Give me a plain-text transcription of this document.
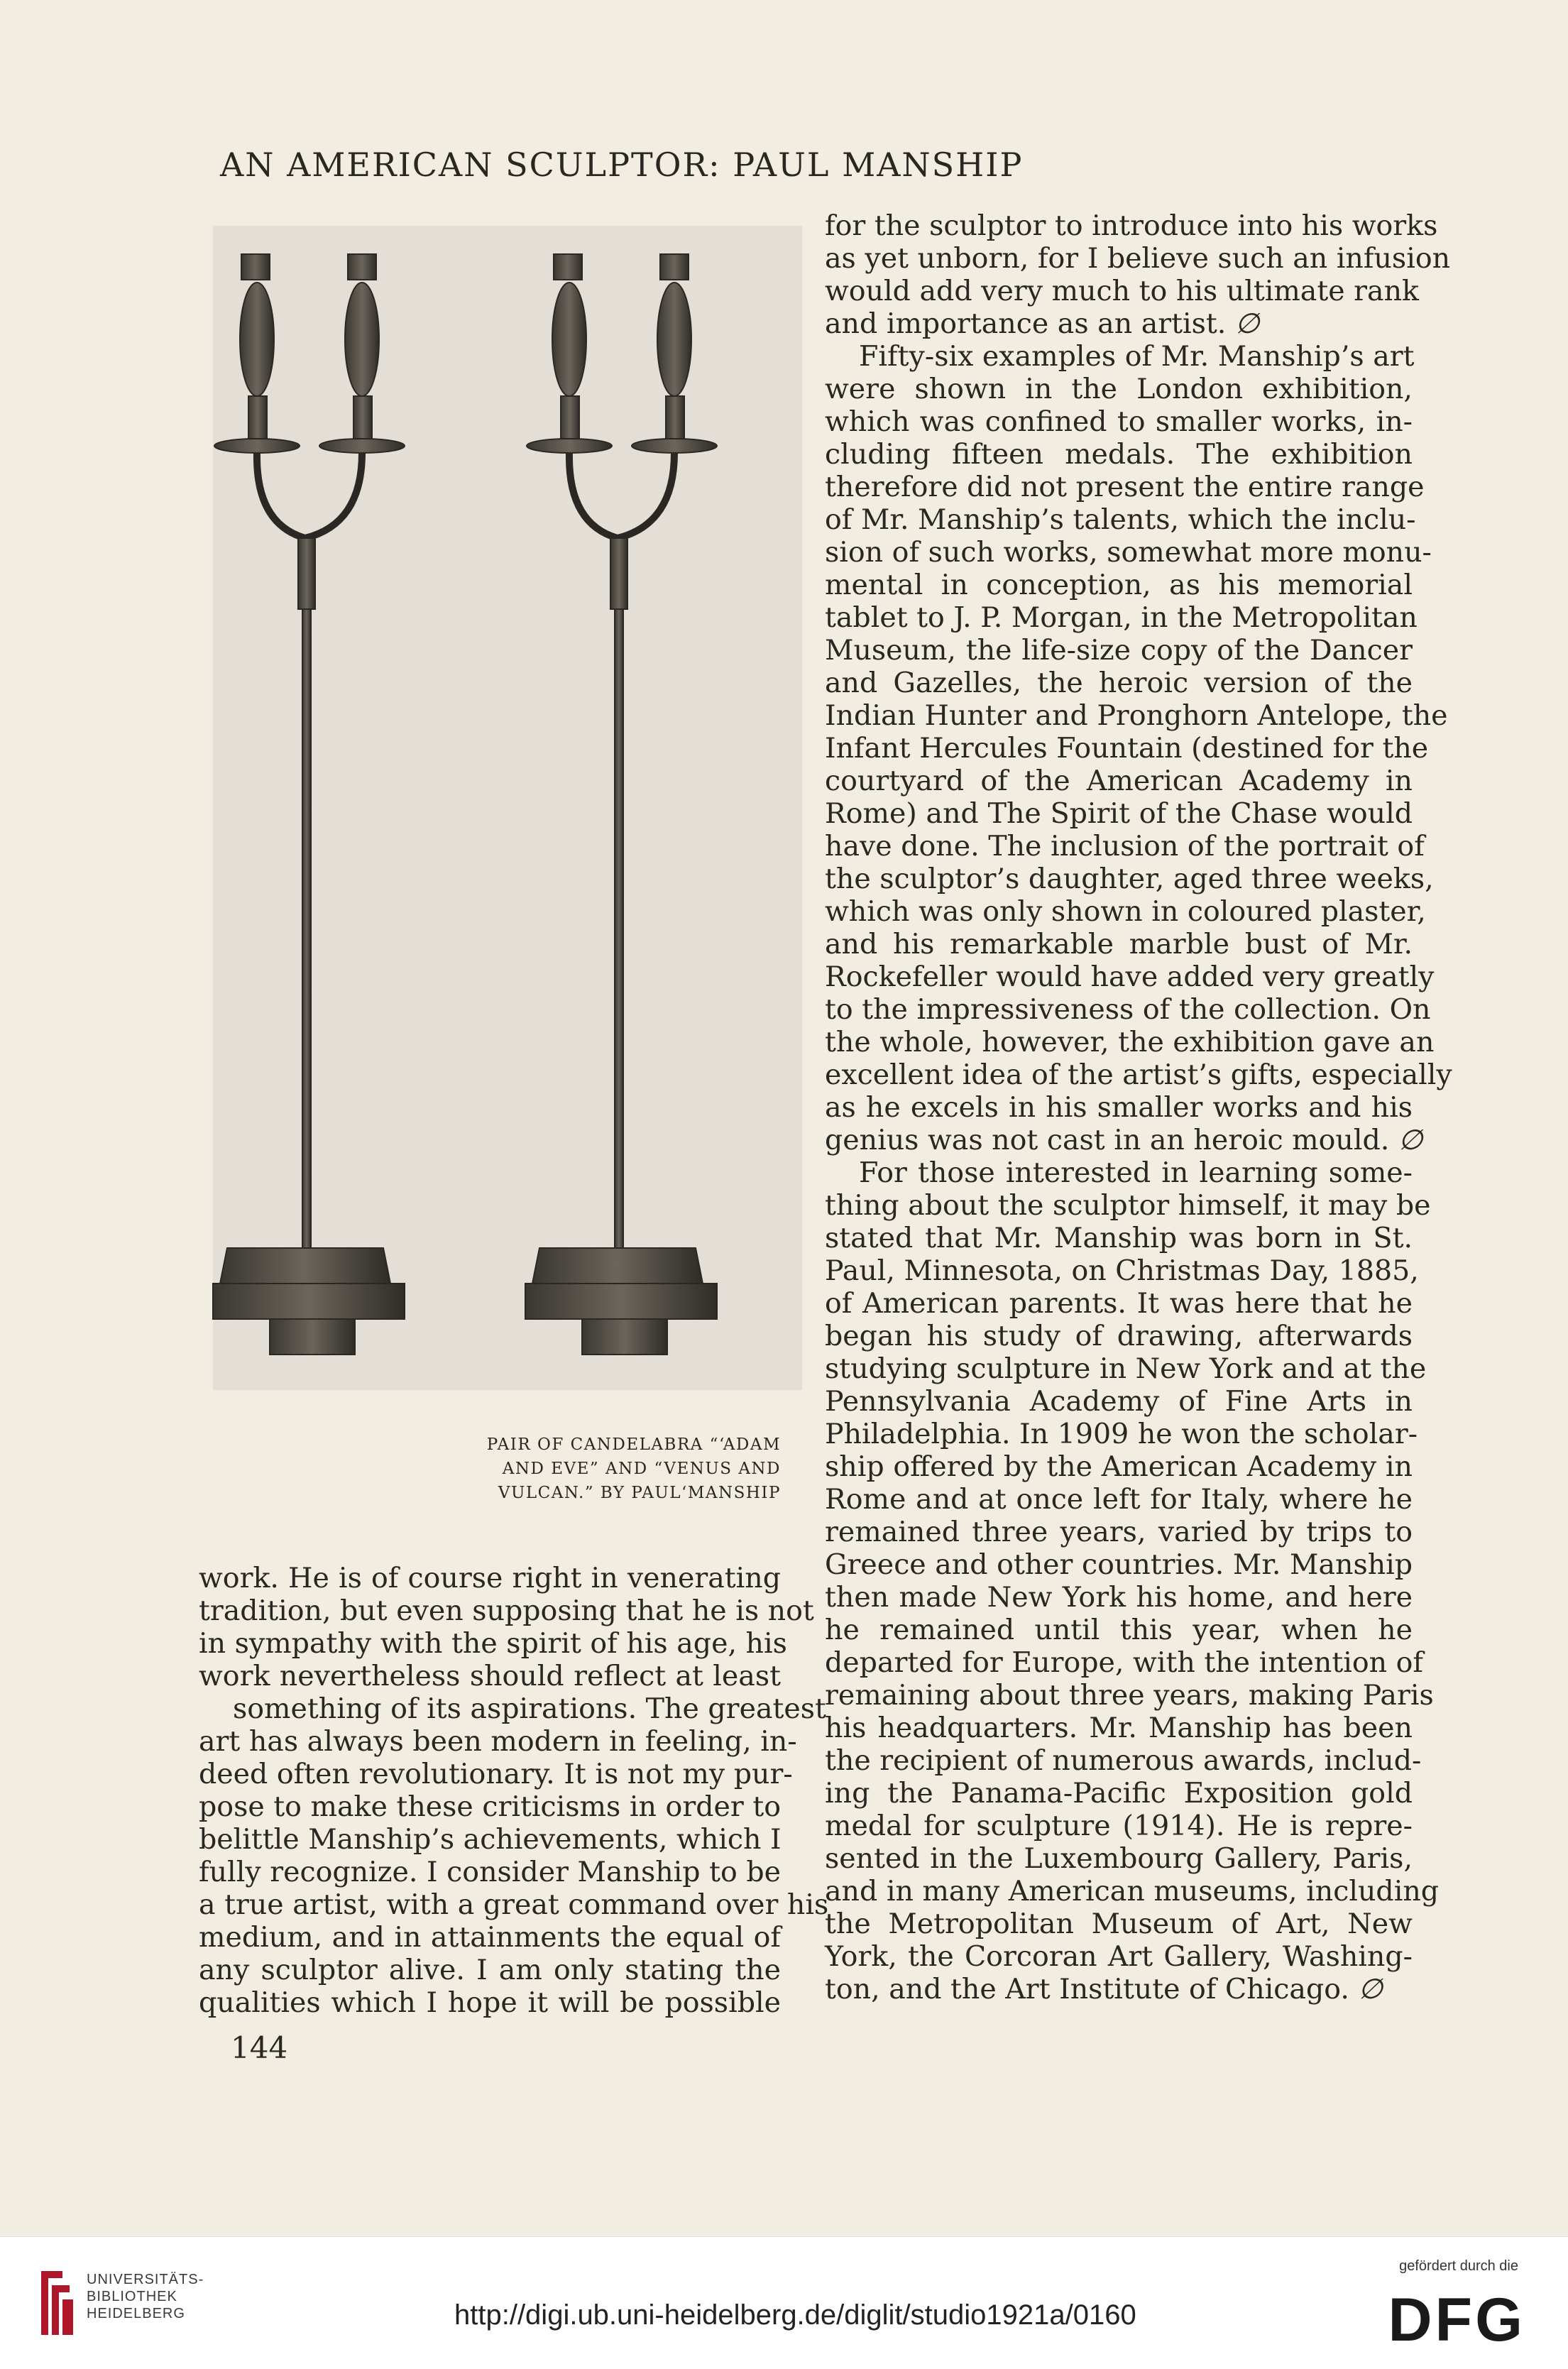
AN AMERICAN SCULPTOR: PAUL MANSHIP
PAIR OF CANDELABRA “ʻADAM
AND EVE” AND “VENUS AND
VULCAN.” BY PAULʻMANSHIP
for the sculptor to introduce into his works
as yet unborn, for I believe such an infusion
would add very much to his ultimate rank
and importance as an artist. ∅
Fifty-six examples of Mr. Manship’s art
were shown in the London exhibition,
which was confined to smaller works, in-
cluding fifteen medals. The exhibition
therefore did not present the entire range
of Mr. Manship’s talents, which the inclu-
sion of such works, somewhat more monu-
mental in conception, as his memorial
tablet to J. P. Morgan, in the Metropolitan
Museum, the life-size copy of the Dancer
and Gazelles, the heroic version of the
Indian Hunter and Pronghorn Antelope, the
Infant Hercules Fountain (destined for the
courtyard of the American Academy in
Rome) and The Spirit of the Chase would
have done. The inclusion of the portrait of
the sculptor’s daughter, aged three weeks,
which was only shown in coloured plaster,
and his remarkable marble bust of Mr.
Rockefeller would have added very greatly
to the impressiveness of the collection. On
the whole, however, the exhibition gave an
excellent idea of the artist’s gifts, especially
as he excels in his smaller works and his
genius was not cast in an heroic mould. ∅
For those interested in learning some-
thing about the sculptor himself, it may be
stated that Mr. Manship was born in St.
Paul, Minnesota, on Christmas Day, 1885,
of American parents. It was here that he
began his study of drawing, afterwards
studying sculpture in New York and at the
Pennsylvania Academy of Fine Arts in
Philadelphia. In 1909 he won the scholar-
ship offered by the American Academy in
Rome and at once left for Italy, where he
remained three years, varied by trips to
Greece and other countries. Mr. Manship
then made New York his home, and here
he remained until this year, when he
departed for Europe, with the intention of
remaining about three years, making Paris
his headquarters. Mr. Manship has been
the recipient of numerous awards, includ-
ing the Panama-Pacific Exposition gold
medal for sculpture (1914). He is repre-
sented in the Luxembourg Gallery, Paris,
and in many American museums, including
the Metropolitan Museum of Art, New
York, the Corcoran Art Gallery, Washing-
ton, and the Art Institute of Chicago. ∅
work. He is of course right in venerating
tradition, but even supposing that he is not
in sympathy with the spirit of his age, his
work nevertheless should reflect at least
something of its aspirations. The greatest
art has always been modern in feeling, in-
deed often revolutionary. It is not my pur-
pose to make these criticisms in order to
belittle Manship’s achievements, which I
fully recognize. I consider Manship to be
a true artist, with a great command over his
medium, and in attainments the equal of
any sculptor alive. I am only stating the
qualities which I hope it will be possible
144
UNIVERSITÄTS-
BIBLIOTHEK
HEIDELBERG	http://digi.ub.uni-heidelberg.de/diglit/studio1921a/0160
gefördert durch die
DFG
